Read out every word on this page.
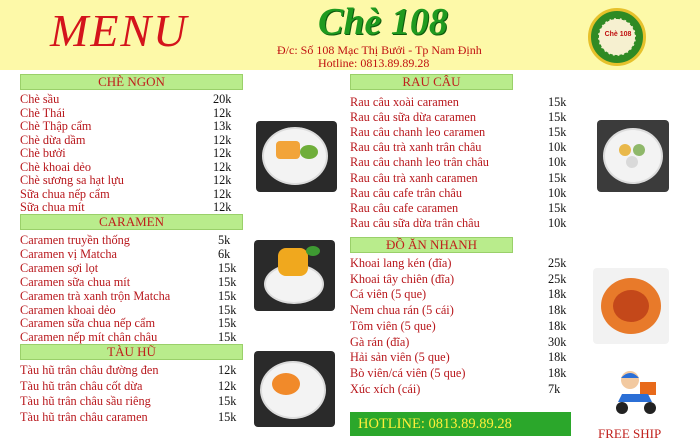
MENU	Chè 108
Đ/c: Số 108 Mạc Thị Bưởi - Tp Nam Định
Hotline: 0813.89.89.28
Chè 108
CHÈ NGON
CARAMEN
TÀU HŨ
RAU CÂU
ĐỒ ĂN NHANH
HOTLINE: 0813.89.89.28
FREE SHIP
Chè sầu	20k
Chè Thái	12k
Chè Thập cẩm	13k
Chè dừa dầm	12k
Chè bưởi	12k
Chè khoai dẻo	12k
Chè sương sa hạt lựu	12k
Sữa chua nếp cẩm	12k
Sữa chua mít	12k
Caramen truyền thống	5k
Caramen vị Matcha	6k
Caramen sợi lọt	15k
Caramen sữa chua mít	15k
Caramen trà xanh trộn Matcha	15k
Caramen khoai dẻo	15k
Caramen sữa chua nếp cẩm	15k
Caramen nếp mít chân châu	15k
Tàu hũ trân châu đường đen	12k
Tàu hũ trân châu cốt dừa	12k
Tàu hũ trân châu sầu riêng	15k
Tàu hũ trân châu caramen	15k
Rau câu xoài caramen	15k
Rau câu sữa dừa caramen	15k
Rau câu chanh leo caramen	15k
Rau câu trà xanh trân châu	10k
Rau câu chanh leo trân châu	10k
Rau câu trà xanh caramen	15k
Rau câu cafe trân châu	10k
Rau câu cafe caramen	15k
Rau câu sữa dừa trân châu	10k
Khoai lang kén (đĩa)	25k
Khoai tây chiên (đĩa)	25k
Cá viên (5 que)	18k
Nem chua rán (5 cái)	18k
Tôm viên (5 que)	18k
Gà rán (đĩa)	30k
Hải sản viên (5 que)	18k
Bò viên/cá viên (5 que)	18k
Xúc xích (cái)	7k
